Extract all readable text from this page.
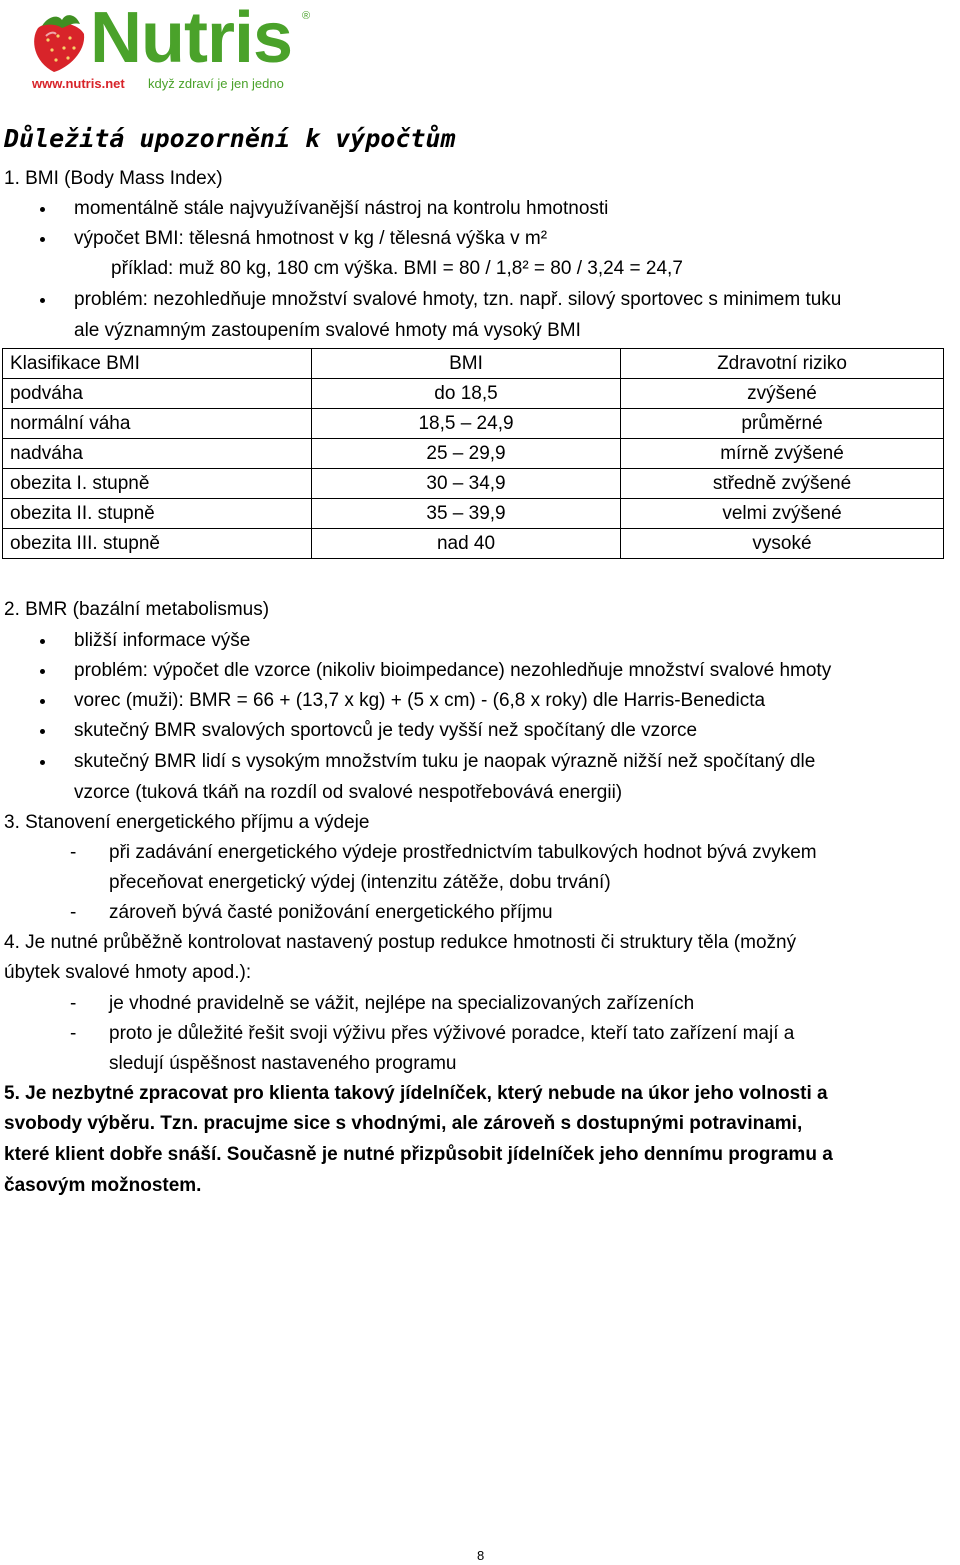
Nutris ®
www.nutris.net když zdraví je jen jedno
Důležitá upozornění k výpočtům
1. BMI (Body Mass Index)
momentálně stále najvyužívanější nástroj na kontrolu hmotnosti
výpočet BMI: tělesná hmotnost v kg / tělesná výška v m²
příklad: muž 80 kg, 180 cm výška. BMI = 80 / 1,8² = 80 / 3,24 = 24,7
problém: nezohledňuje množství svalové hmoty, tzn. např. silový sportovec s minimem tuku
ale významným zastoupením svalové hmoty má vysoký BMI
Klasifikace BMI	BMI	Zdravotní riziko
podváha	do 18,5	zvýšené
normální váha	18,5 – 24,9	průměrné
nadváha	25 – 29,9	mírně zvýšené
obezita I. stupně	30 – 34,9	středně zvýšené
obezita II. stupně	35 – 39,9	velmi zvýšené
obezita III. stupně	nad 40	vysoké
2. BMR (bazální metabolismus)
bližší informace výše
problém: výpočet dle vzorce (nikoliv bioimpedance) nezohledňuje množství svalové hmoty
vorec (muži): BMR = 66 + (13,7 x kg) + (5 x cm) - (6,8 x roky) dle Harris-Benedicta
skutečný BMR svalových sportovců je tedy vyšší než spočítaný dle vzorce
skutečný BMR lidí s vysokým množstvím tuku je naopak výrazně nižší než spočítaný dle
vzorce (tuková tkáň na rozdíl od svalové nespotřebovává energii)
3. Stanovení energetického příjmu a výdeje
- při zadávání energetického výdeje prostřednictvím tabulkových hodnot bývá zvykem
přeceňovat energetický výdej (intenzitu zátěže, dobu trvání)
- zároveň bývá časté ponižování energetického příjmu
4. Je nutné průběžně kontrolovat nastavený postup redukce hmotnosti či struktury těla (možný
úbytek svalové hmoty apod.):
- je vhodné pravidelně se vážit, nejlépe na specializovaných zařízeních
- proto je důležité řešit svoji výživu přes výživové poradce, kteří tato zařízení mají a
sledují úspěšnost nastaveného programu
5. Je nezbytné zpracovat pro klienta takový jídelníček, který nebude na úkor jeho volnosti a
svobody výběru. Tzn. pracujme sice s vhodnými, ale zároveň s dostupnými potravinami,
které klient dobře snáší. Současně je nutné přizpůsobit jídelníček jeho dennímu programu a
časovým možnostem.
8
